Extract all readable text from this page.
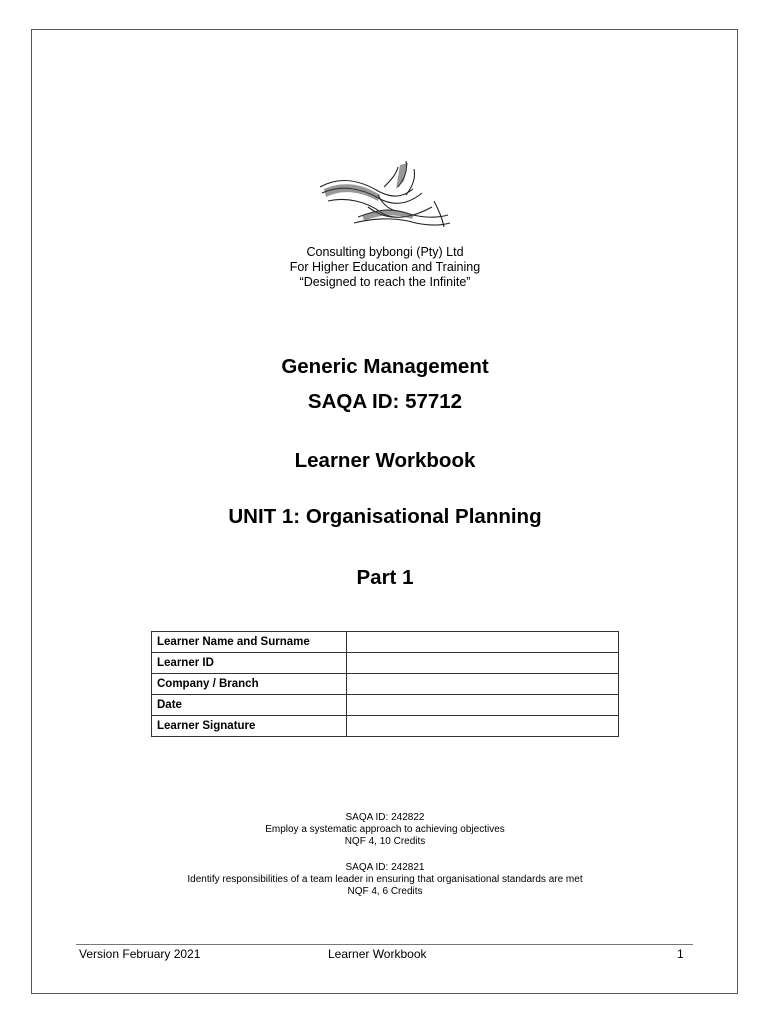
Consulting bybongi (Pty) Ltd
For Higher Education and Training
“Designed to reach the Infinite”
Generic Management
SAQA ID: 57712
Learner Workbook
UNIT 1: Organisational Planning
Part 1
Learner Name and Surname	
Learner ID	
Company / Branch	
Date	
Learner Signature	
SAQA ID: 242822
Employ a systematic approach to achieving objectives
NQF 4, 10 Credits
SAQA ID: 242821
Identify responsibilities of a team leader in ensuring that organisational standards are met
NQF 4, 6 Credits
Version February 2021	Learner Workbook	1
